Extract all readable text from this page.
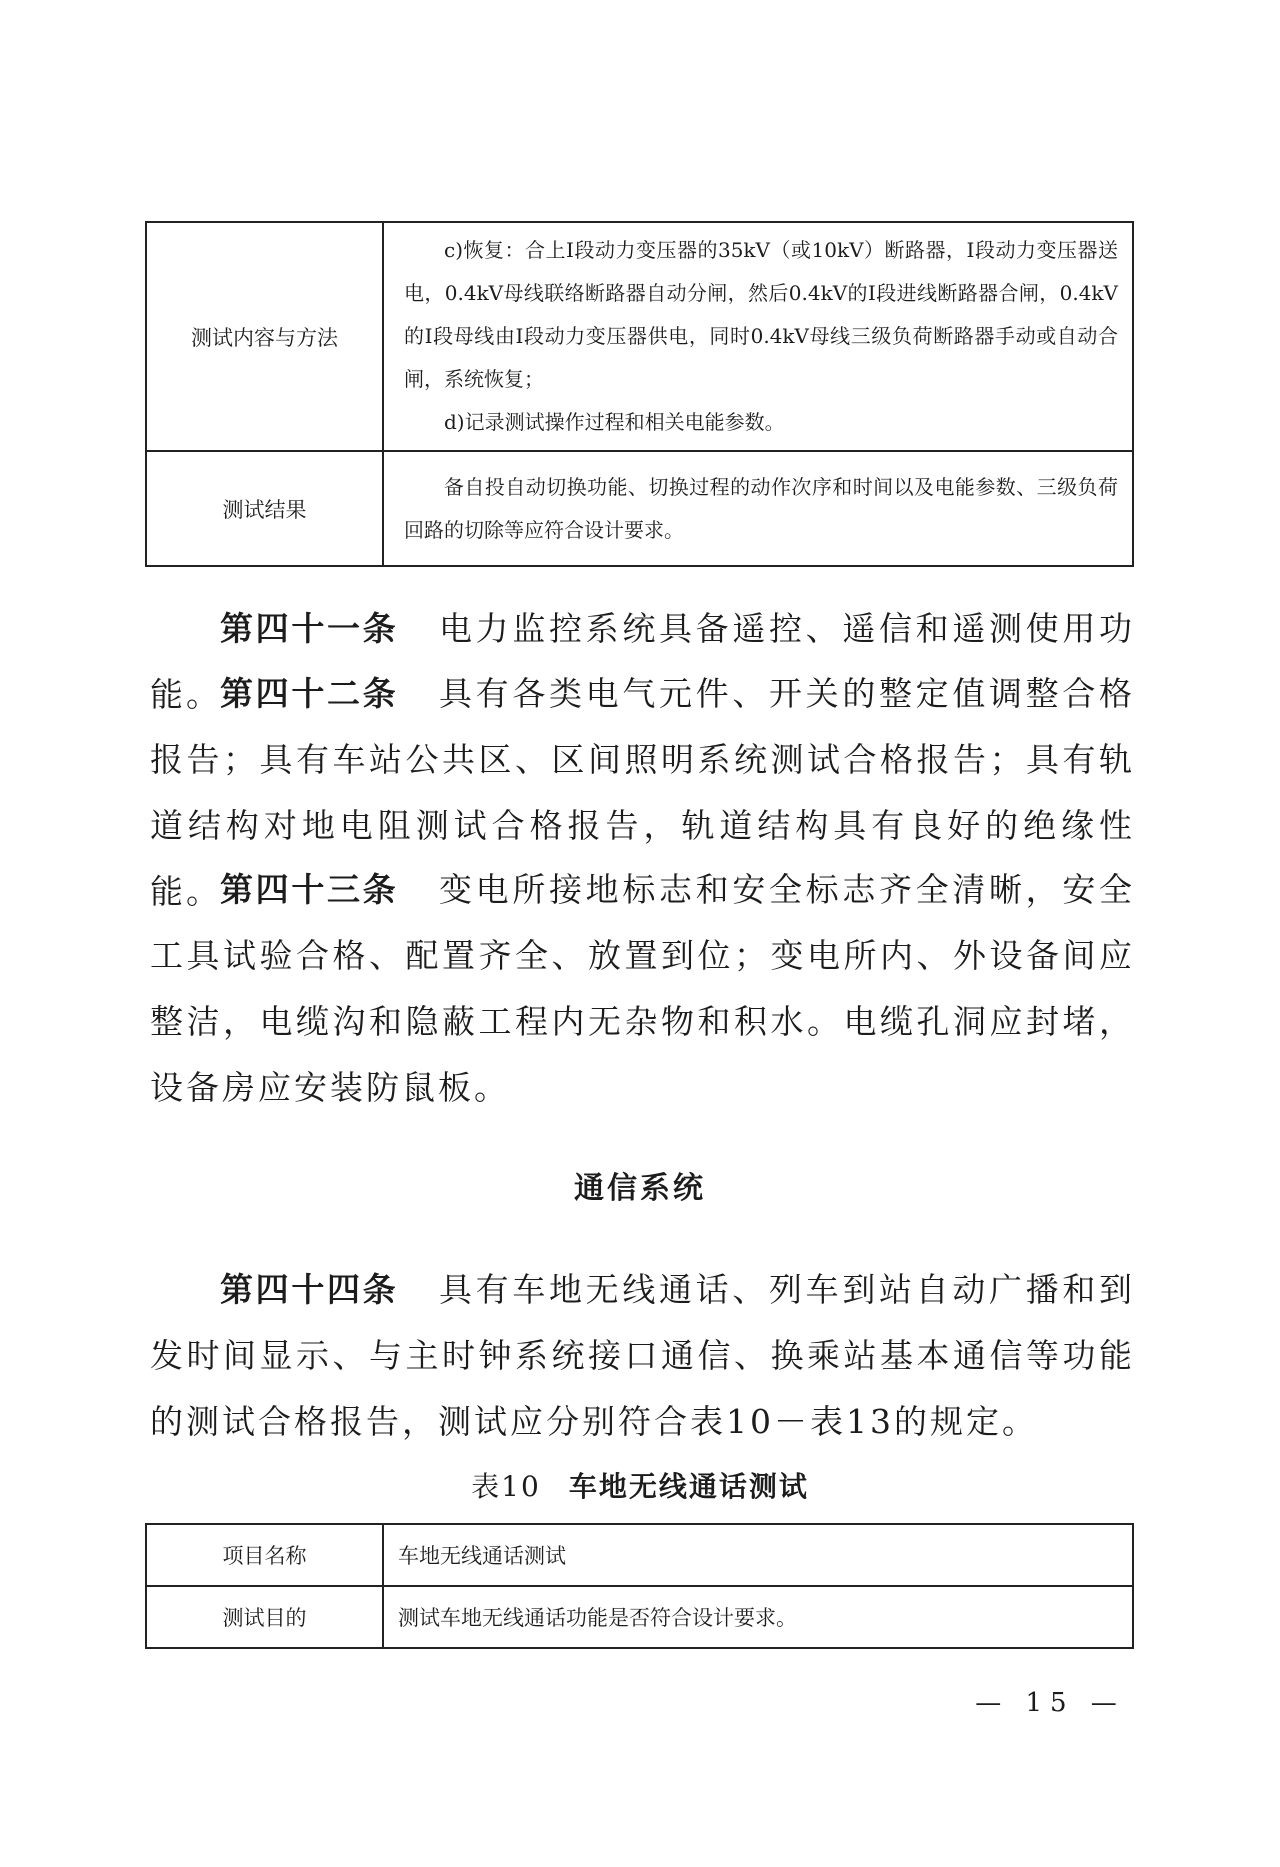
测试内容与方法	c)恢复：合上Ⅰ段动力变压器的35kV（或10kV）断路器，Ⅰ段动力变压器送电，0.4kV母线联络断路器自动分闸，然后0.4kV的Ⅰ段进线断路器合闸，0.4kV的Ⅰ段母线由Ⅰ段动力变压器供电，同时0.4kV母线三级负荷断路器手动或自动合闸，系统恢复；

d)记录测试操作过程和相关电能参数。

测试结果	备自投自动切换功能、切换过程的动作次序和时间以及电能参数、三级负荷回路的切除等应符合设计要求。

第四十一条 电力监控系统具备遥控、遥信和遥测使用功能。

第四十二条 具有各类电气元件、开关的整定值调整合格报告；具有车站公共区、区间照明系统测试合格报告；具有轨道结构对地电阻测试合格报告，轨道结构具有良好的绝缘性能。

第四十三条 变电所接地标志和安全标志齐全清晰，安全工具试验合格、配置齐全、放置到位；变电所内、外设备间应整洁，电缆沟和隐蔽工程内无杂物和积水。电缆孔洞应封堵，设备房应安装防鼠板。

通信系统

第四十四条 具有车地无线通话、列车到站自动广播和到发时间显示、与主时钟系统接口通信、换乘站基本通信等功能的测试合格报告，测试应分别符合表10－表13的规定。

表10 车地无线通话测试
项目名称	车地无线通话测试
测试目的	测试车地无线通话功能是否符合设计要求。
— 15 —
